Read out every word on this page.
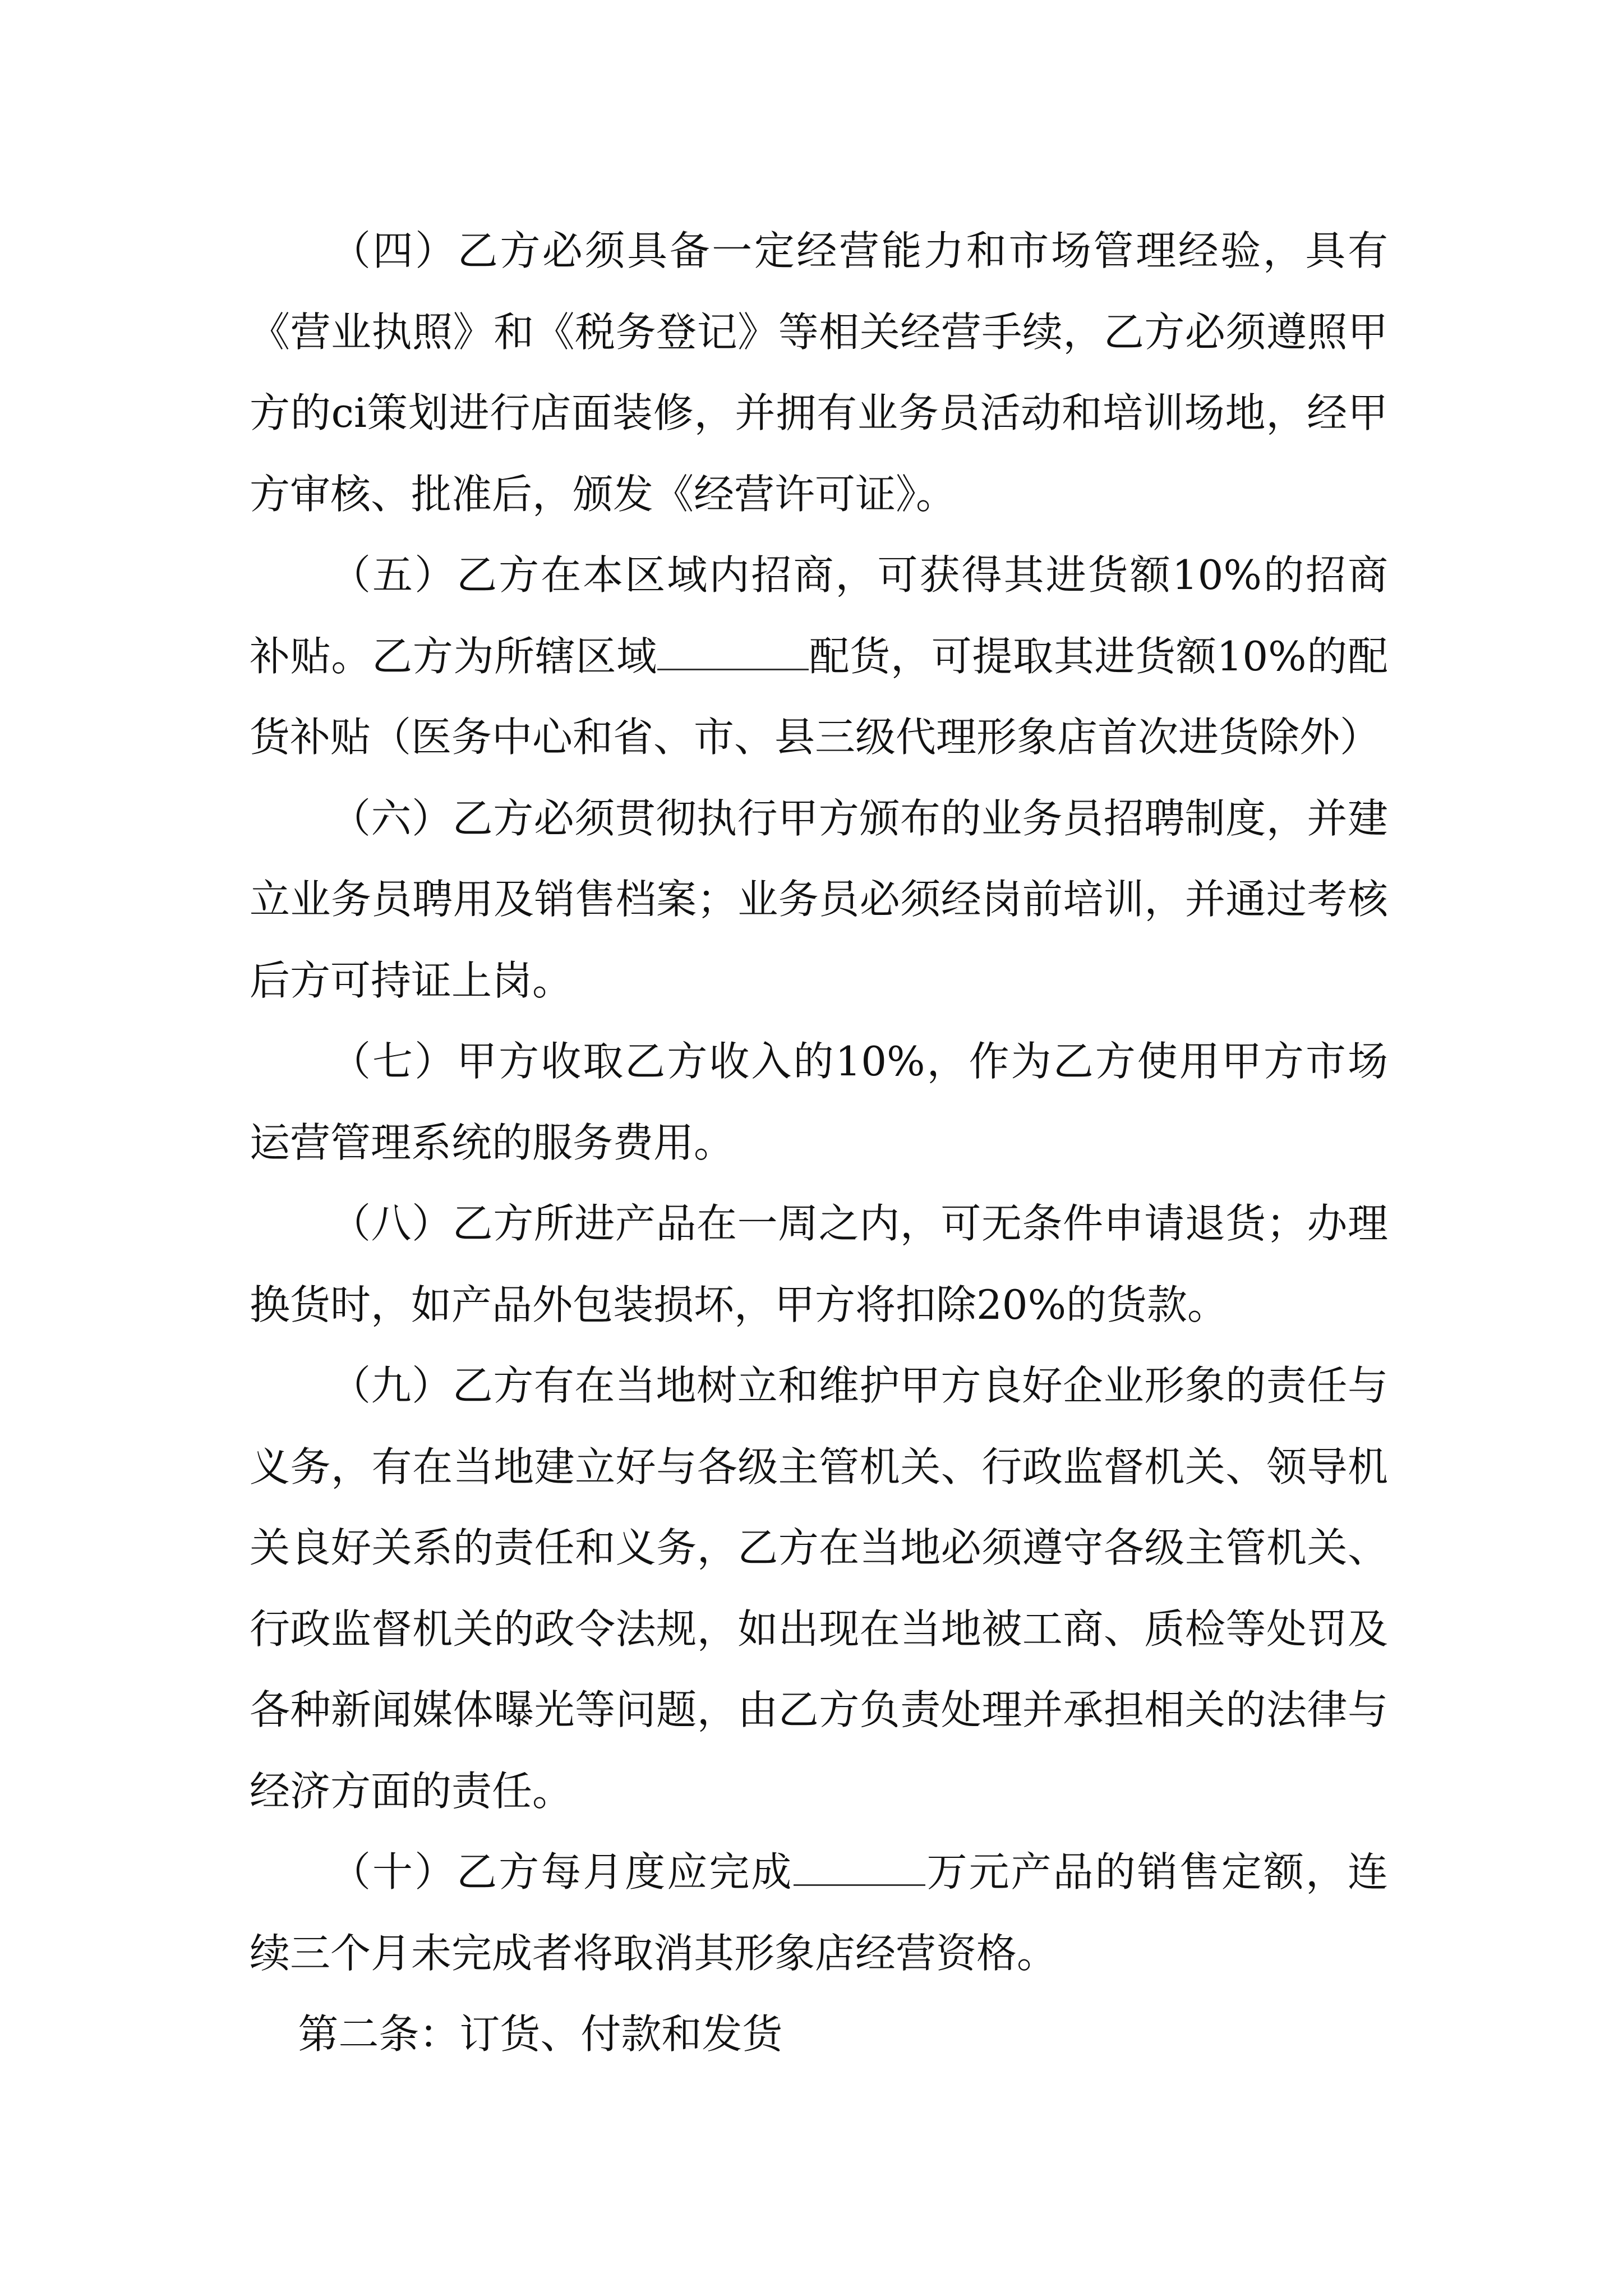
（四）乙方必须具备一定经营能力和市场管理经验，具有《营业执照》和《税务登记》等相关经营手续，乙方必须遵照甲方的ci策划进行店面装修，并拥有业务员活动和培训场地，经甲方审核、批准后，颁发《经营许可证》。

（五）乙方在本区域内招商，可获得其进货额10%的招商补贴。乙方为所辖区域	配货，可提取其进货额10%的配货补贴（医务中心和省、市、县三级代理形象店首次进货除外）

（六）乙方必须贯彻执行甲方颁布的业务员招聘制度，并建立业务员聘用及销售档案；业务员必须经岗前培训，并通过考核后方可持证上岗。

（七）甲方收取乙方收入的10%，作为乙方使用甲方市场运营管理系统的服务费用。

（八）乙方所进产品在一周之内，可无条件申请退货；办理换货时，如产品外包装损坏，甲方将扣除20%的货款。

（九）乙方有在当地树立和维护甲方良好企业形象的责任与义务，有在当地建立好与各级主管机关、行政监督机关、领导机关良好关系的责任和义务，乙方在当地必须遵守各级主管机关、行政监督机关的政令法规，如出现在当地被工商、质检等处罚及各种新闻媒体曝光等问题，由乙方负责处理并承担相关的法律与经济方面的责任。

（十）乙方每月度应完成	万元产品的销售定额，连续三个月未完成者将取消其形象店经营资格。

第二条：订货、付款和发货
